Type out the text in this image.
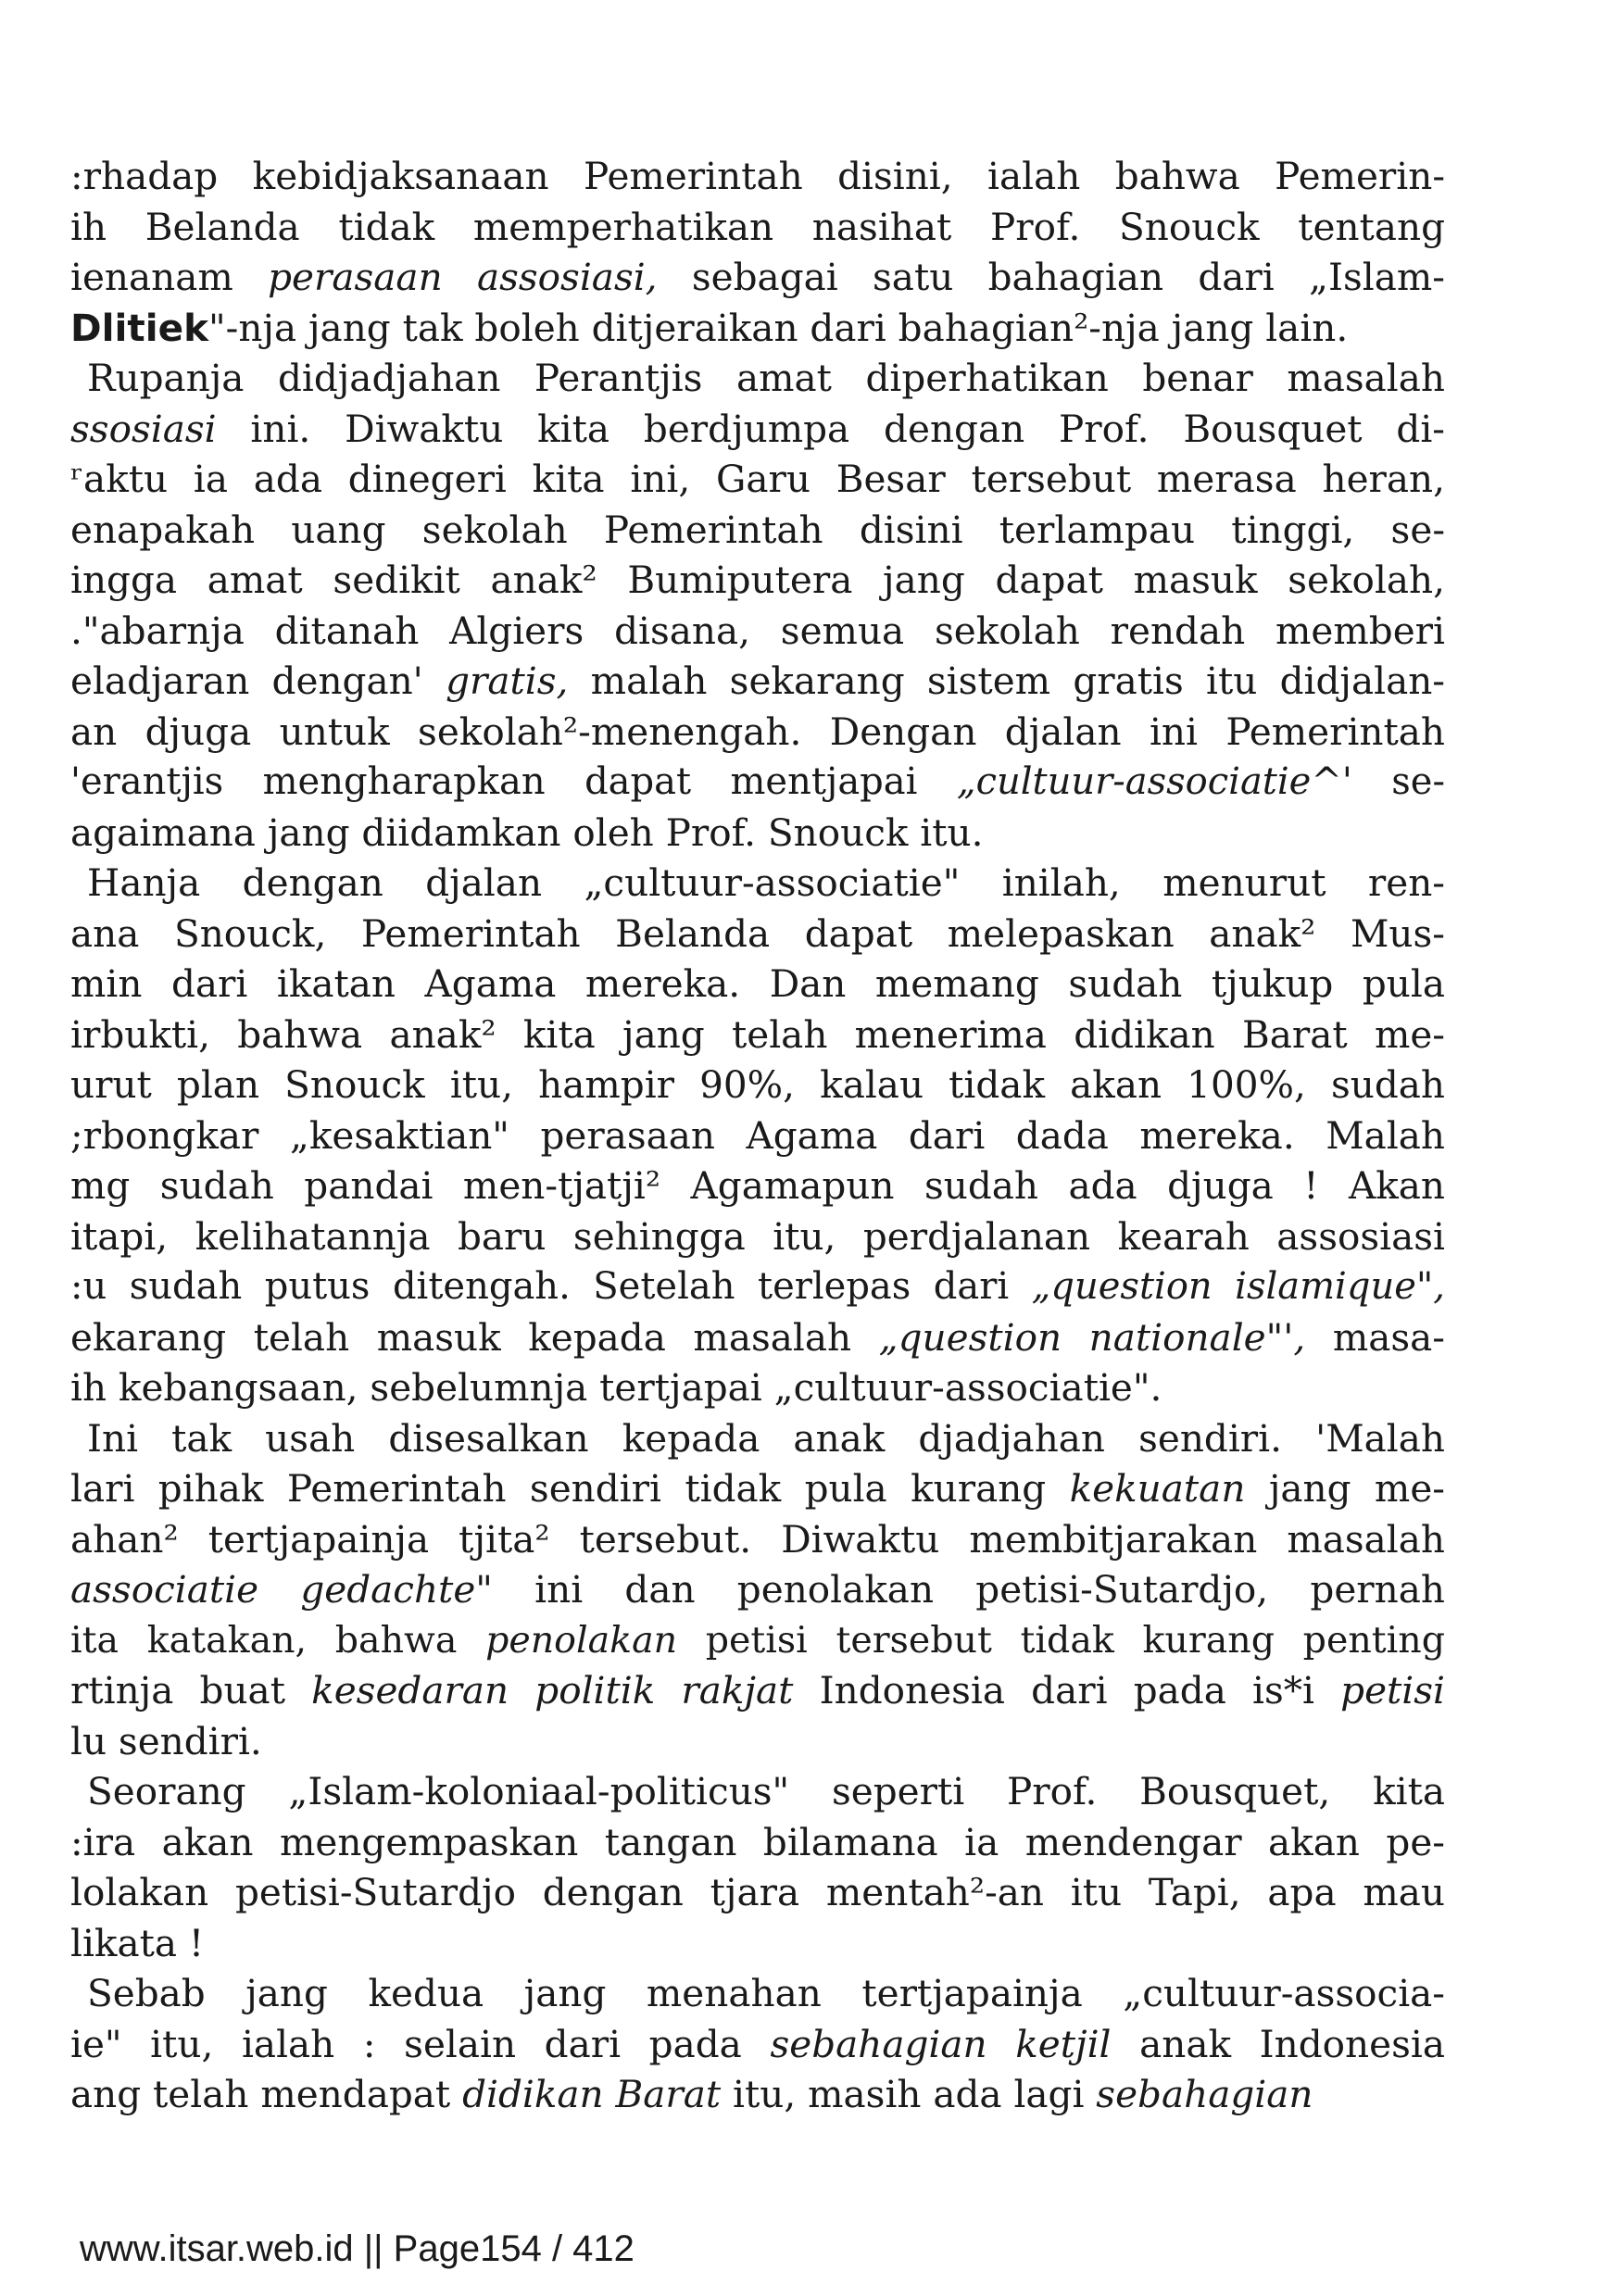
:rhadap kebidjaksanaan Pemerintah disini, ialah bahwa Pemerin-
ih Belanda tidak memperhatikan nasihat Prof. Snouck tentang
ienanam perasaan assosiasi, sebagai satu bahagian dari „Islam-
Dlitiek"-nja jang tak boleh ditjeraikan dari bahagian²-nja jang lain.
Rupanja didjadjahan Perantjis amat diperhatikan benar masalah
ssosiasi ini. Diwaktu kita berdjumpa dengan Prof. Bousquet di-
ʳaktu ia ada dinegeri kita ini, Garu Besar tersebut merasa heran,
enapakah uang sekolah Pemerintah disini terlampau tinggi, se-
ingga amat sedikit anak² Bumiputera jang dapat masuk sekolah,
."abarnja ditanah Algiers disana, semua sekolah rendah memberi
eladjaran dengan' gratis, malah sekarang sistem gratis itu didjalan-
an djuga untuk sekolah²-menengah. Dengan djalan ini Pemerintah
'erantjis mengharapkan dapat mentjapai „cultuur-associatie^' se-
agaimana jang diidamkan oleh Prof. Snouck itu.
Hanja dengan djalan „cultuur-associatie" inilah, menurut ren-
ana Snouck, Pemerintah Belanda dapat melepaskan anak² Mus-
min dari ikatan Agama mereka. Dan memang sudah tjukup pula
irbukti, bahwa anak² kita jang telah menerima didikan Barat me-
urut plan Snouck itu, hampir 90%, kalau tidak akan 100%, sudah
;rbongkar „kesaktian" perasaan Agama dari dada mereka. Malah
mg sudah pandai men-tjatji² Agamapun sudah ada djuga ! Akan
itapi, kelihatannja baru sehingga itu, perdjalanan kearah assosiasi
:u sudah putus ditengah. Setelah terlepas dari „question islamique",
ekarang telah masuk kepada masalah „question nationale"', masa-
ih kebangsaan, sebelumnja tertjapai „cultuur-associatie".
Ini tak usah disesalkan kepada anak djadjahan sendiri. 'Malah
lari pihak Pemerintah sendiri tidak pula kurang kekuatan jang me-
ahan² tertjapainja tjita² tersebut. Diwaktu membitjarakan masalah
associatie gedachte" ini dan penolakan petisi-Sutardjo, pernah
ita katakan, bahwa penolakan petisi tersebut tidak kurang penting
rtinja buat kesedaran politik rakjat Indonesia dari pada is*i petisi
lu sendiri.
Seorang „Islam-koloniaal-politicus" seperti Prof. Bousquet, kita
:ira akan mengempaskan tangan bilamana ia mendengar akan pe-
lolakan petisi-Sutardjo dengan tjara mentah²-an itu Tapi, apa mau
likata !
Sebab jang kedua jang menahan tertjapainja „cultuur-associa-
ie" itu, ialah : selain dari pada sebahagian ketjil anak Indonesia
ang telah mendapat didikan Barat itu, masih ada lagi sebahagian
www.itsar.web.id || Page154 / 412
